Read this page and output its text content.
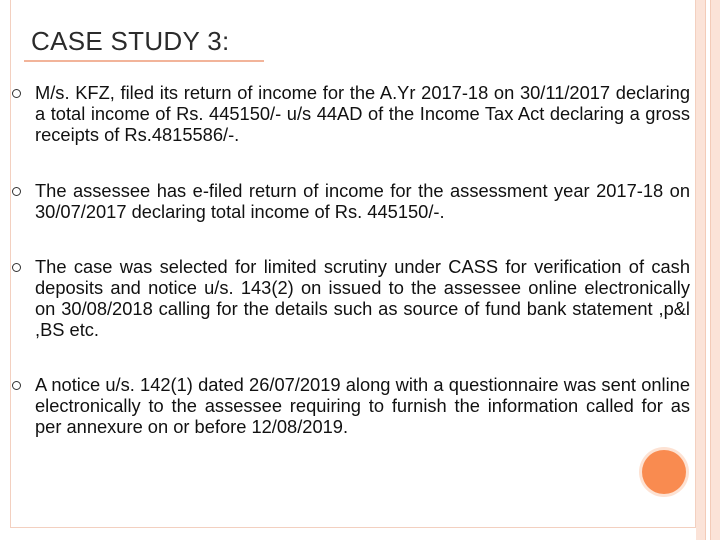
CASE STUDY 3:
M/s. KFZ, filed its return of income for the A.Yr 2017-18 on 30/11/2017 declaring a total income of Rs. 445150/- u/s 44AD of the Income Tax Act declaring a gross receipts of Rs.4815586/-.
The assessee has e-filed return of income for the assessment year 2017-18 on 30/07/2017 declaring total income of Rs. 445150/-.
The case was selected for limited scrutiny under CASS for verification of cash deposits and notice u/s. 143(2) on issued to the assessee online electronically on 30/08/2018 calling for the details such as source of fund bank statement ,p&l ,BS etc.
A notice u/s. 142(1) dated 26/07/2019 along with a questionnaire was sent online electronically to the assessee requiring to furnish the information called for as per annexure on or before 12/08/2019.
